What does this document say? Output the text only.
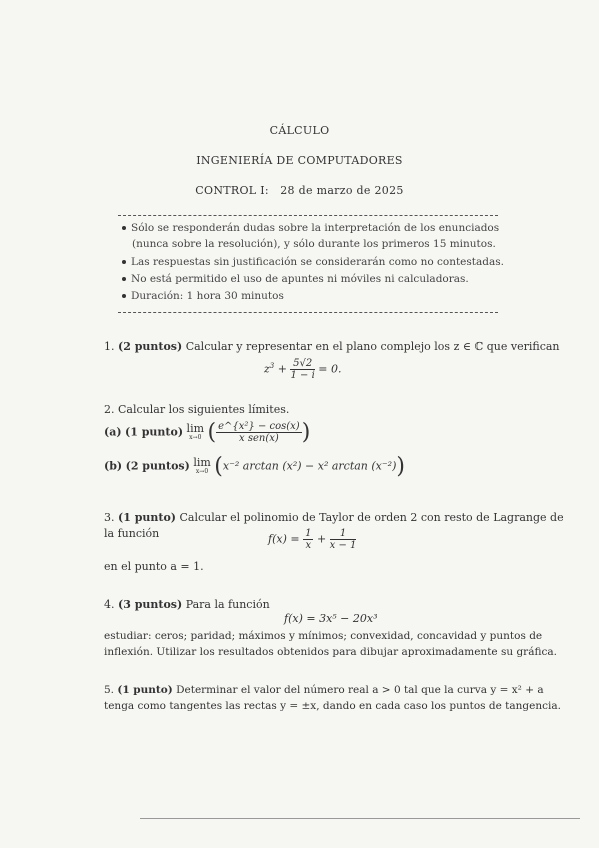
CÁLCULO
INGENIERÍA DE COMPUTADORES
CONTROL I: 28 de marzo de 2025
Sólo se responderán dudas sobre la interpretación de los enunciados
(nunca sobre la resolución), y sólo durante los primeros 15 minutos.
Las respuestas sin justificación se considerarán como no contestadas.
No está permitido el uso de apuntes ni móviles ni calculadoras.
Duración: 1 hora 30 minutos
1. (2 puntos) Calcular y representar en el plano complejo los z ∈ ℂ que verifican
$z^3 + \frac{5√2}{1 - i} = 0$.
2. Calcular los siguientes límites.
(a) (1 punto) lim
x→0 ( $\frac{\text{e\textasciicircum{}\{x²\} − cos(x)}}{\text{x sen(x)}}$ )
(b) (2 puntos) lim
x→0 (x⁻² arctan (x²) − x² arctan (x⁻²))
3. (1 punto) Calcular el polinomio de Taylor de orden 2 con resto de Lagrange de
la función	$f(x) = \frac{1}{x} + \frac{1}{x - 1}$
en el punto a = 1.
4. (3 puntos) Para la función
f(x) = 3x⁵ − 20x³
estudiar: ceros; paridad; máximos y mínimos; convexidad, concavidad y puntos de
inflexión. Utilizar los resultados obtenidos para dibujar aproximadamente su gráfica.
5. (1 punto) Determinar el valor del número real a > 0 tal que la curva y = x² + a
tenga como tangentes las rectas y = ±x, dando en cada caso los puntos de tangencia.
